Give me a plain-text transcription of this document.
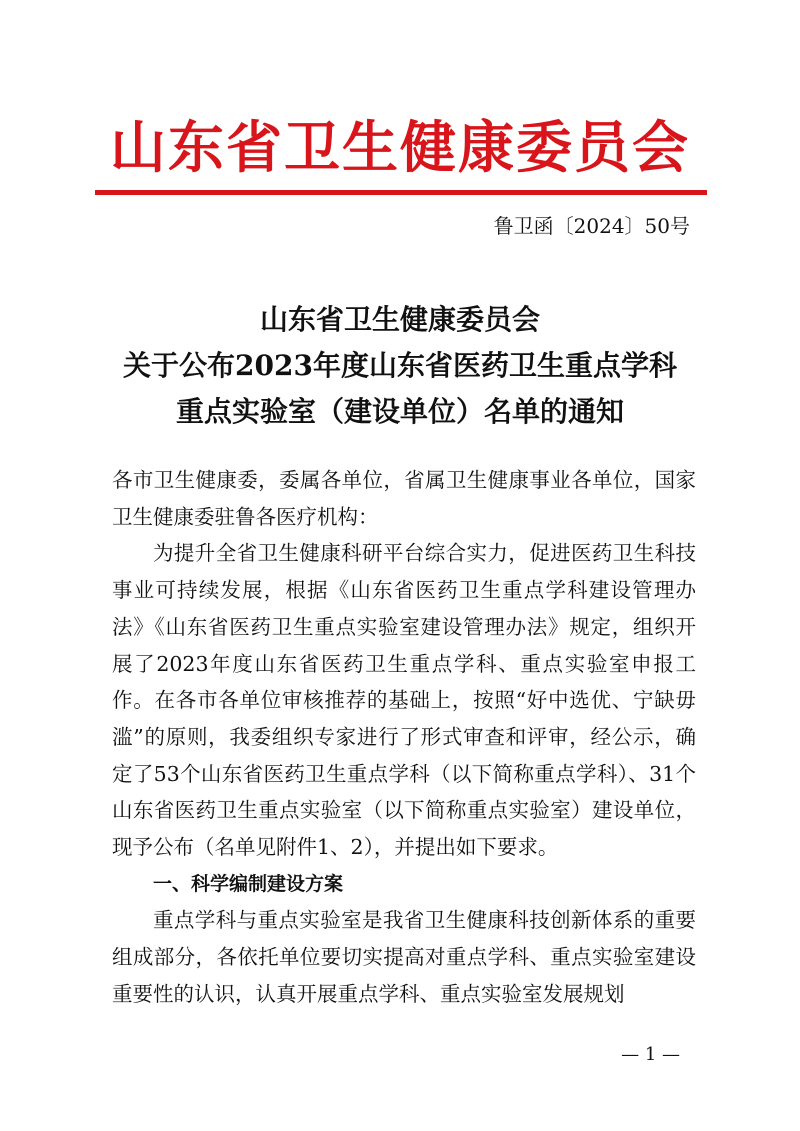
山东省卫生健康委员会
鲁卫函〔2024〕50号
山东省卫生健康委员会
关于公布2023年度山东省医药卫生重点学科
重点实验室（建设单位）名单的通知

各市卫生健康委，委属各单位，省属卫生健康事业各单位，国家卫生健康委驻鲁各医疗机构：

为提升全省卫生健康科研平台综合实力，促进医药卫生科技事业可持续发展，根据《山东省医药卫生重点学科建设管理办法》《山东省医药卫生重点实验室建设管理办法》规定，组织开展了2023年度山东省医药卫生重点学科、重点实验室申报工作。在各市各单位审核推荐的基础上，按照“好中选优、宁缺毋滥”的原则，我委组织专家进行了形式审查和评审，经公示，确定了53个山东省医药卫生重点学科（以下简称重点学科）、31个山东省医药卫生重点实验室（以下简称重点实验室）建设单位，现予公布（名单见附件1、2），并提出如下要求。

一、科学编制建设方案

重点学科与重点实验室是我省卫生健康科技创新体系的重要组成部分，各依托单位要切实提高对重点学科、重点实验室建设重要性的认识，认真开展重点学科、重点实验室发展规划

— 1 —
